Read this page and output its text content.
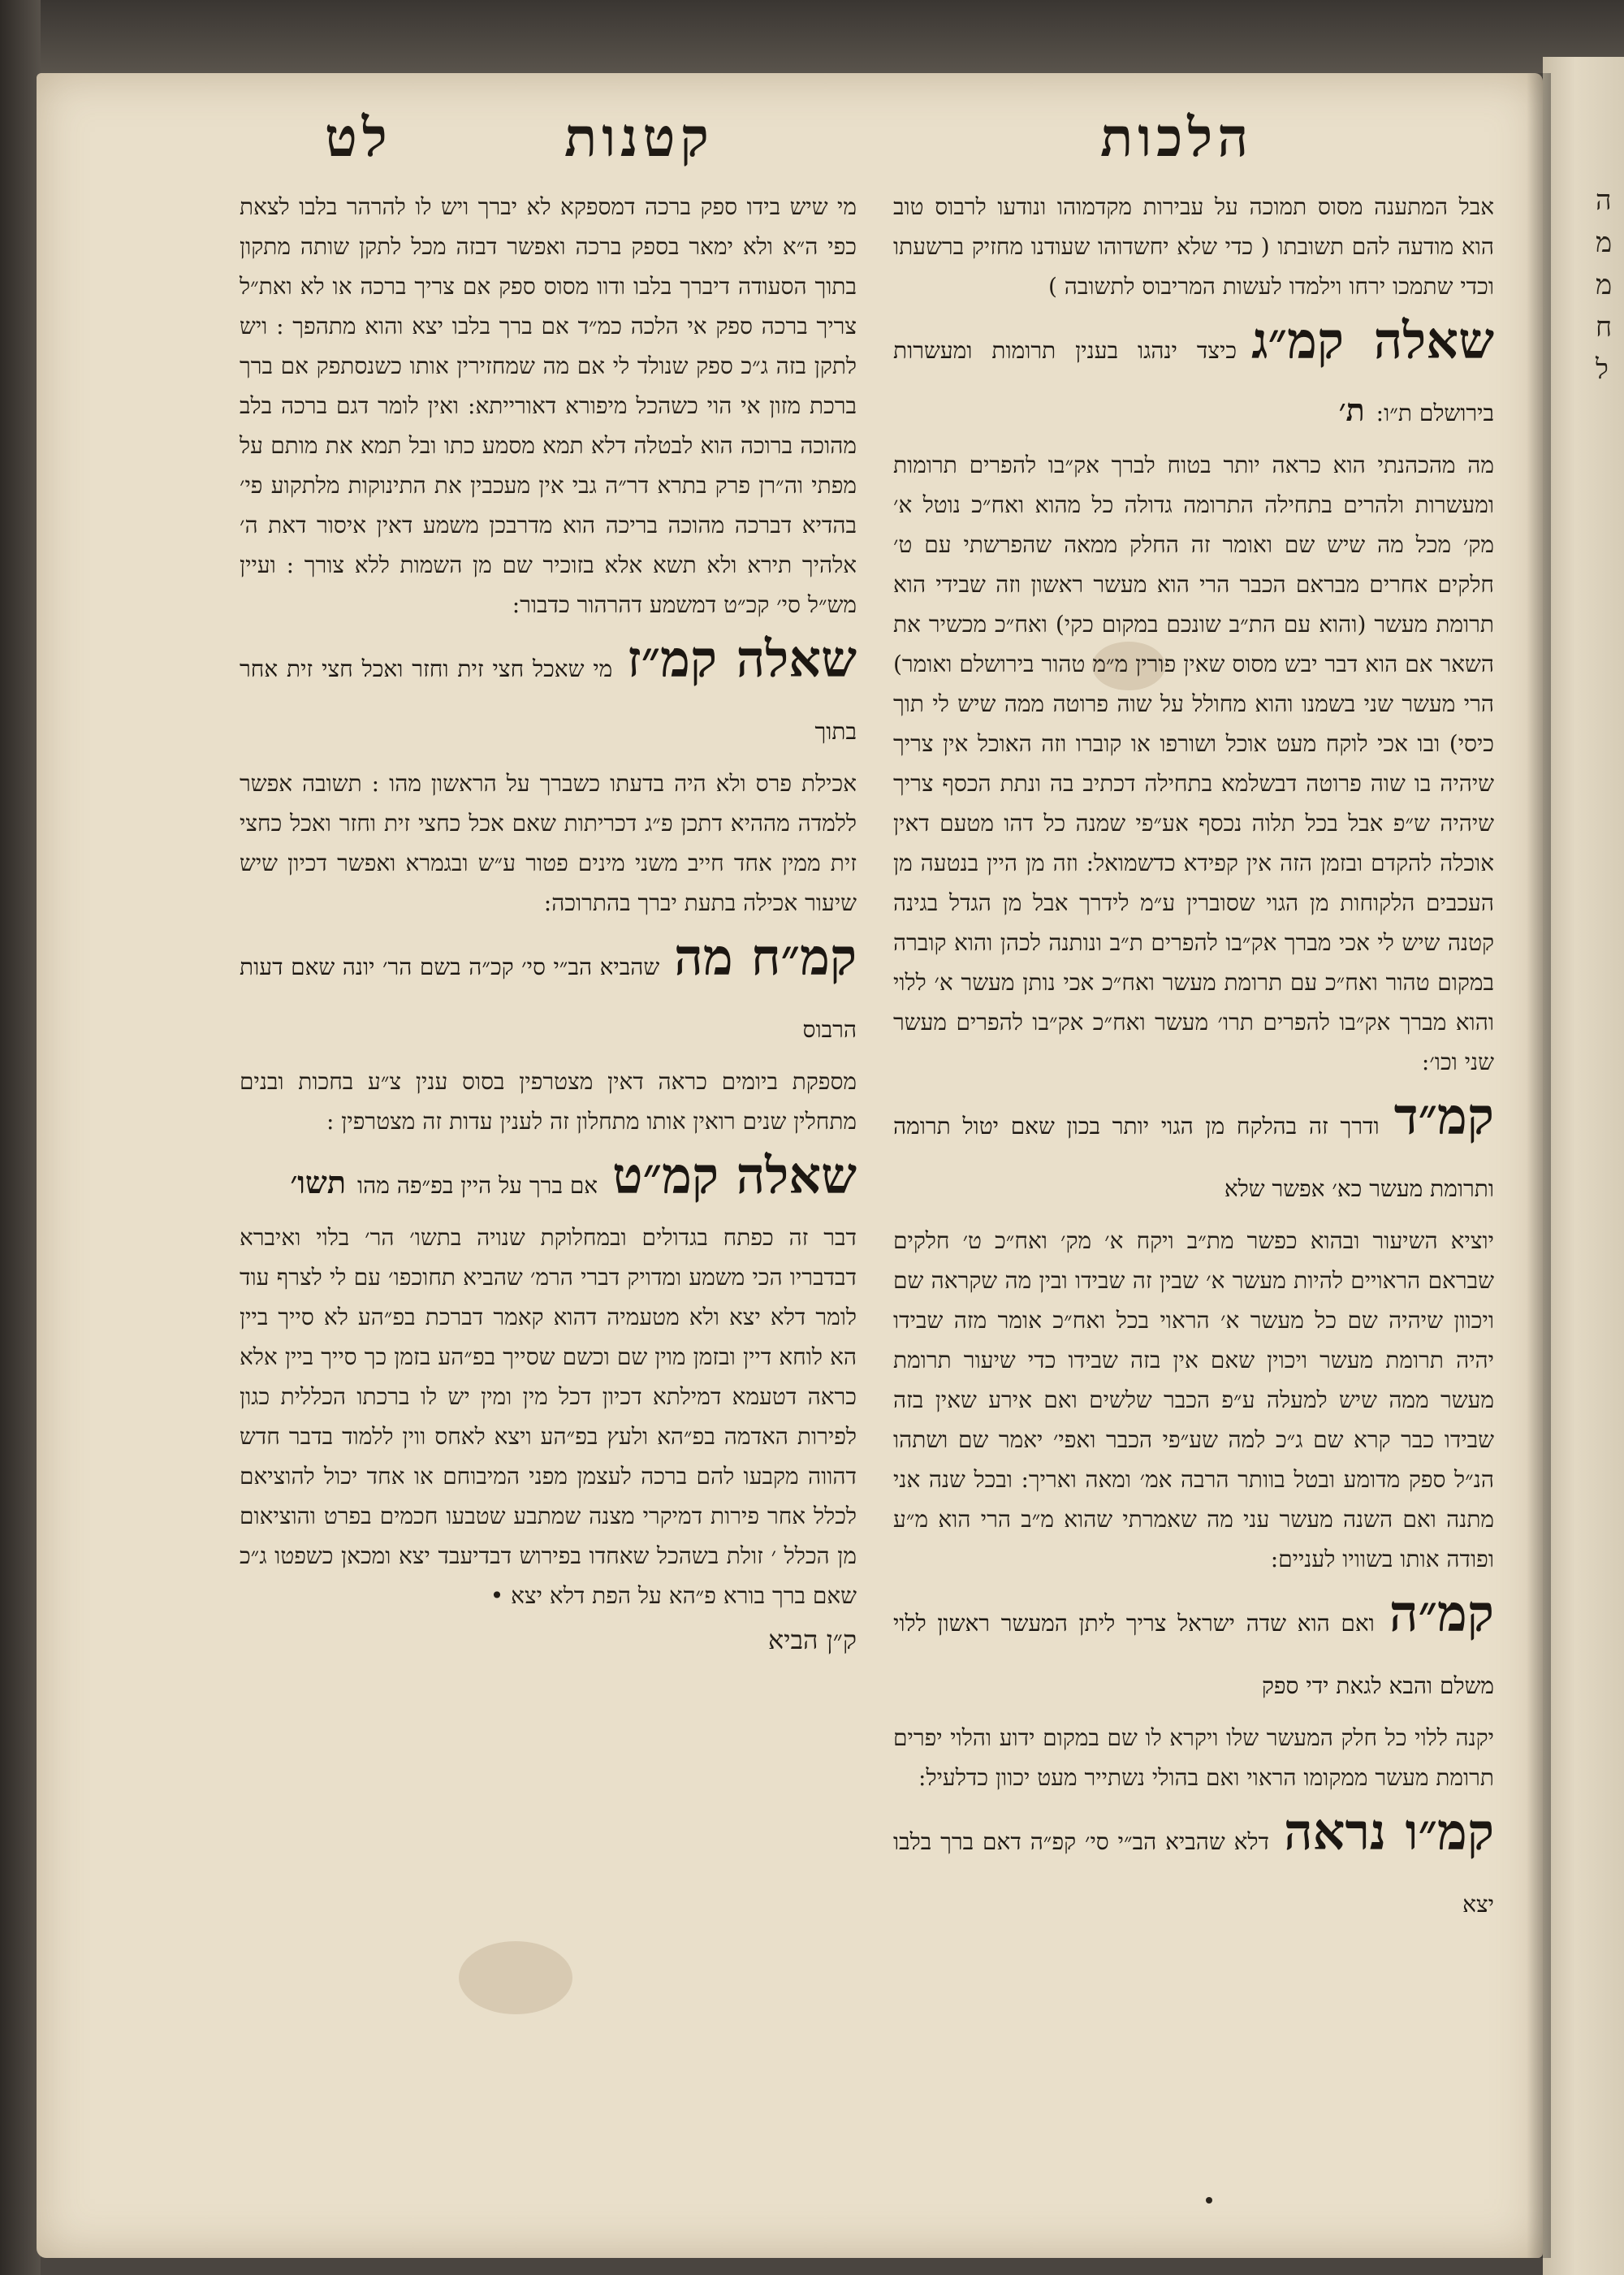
לט	קטנות	הלכות

אבל המתענה מסוס תמוכה על עבירות מקדמוהו ונודעו לרבוס טוב הוא מודעה להם תשובתו ( כדי שלא יחשדוהו שעודנו מחזיק ברשעתו וכדי שתמכו ירחו וילמדו לעשות המריבוס לתשובה )

שאלה קמ״גכיצד ינהגו בענין תרומות ומעשרות בירושלם ת״ו:ת׳

מה מהכהנתי הוא כראה יותר בטוח לברך אק״בו להפרים תרומות ומעשרות ולהרים בתחילה התרומה גדולה כל מהוא ואח״כ נוטל א׳ מק׳ מכל מה שיש שם ואומר זה החלק ממאה שהפרשתי עם ט׳ חלקים אחרים מבראם הכבר הרי הוא מעשר ראשון וזה שבידי הוא תרומת מעשר (והוא עם הת״ב שונכם במקום כקי) ואח״כ מכשיר את השאר אם הוא דבר יבש מסוס שאין פורין מ״מ טהור בירושלם ואומר) הרי מעשר שני בשמנו והוא מחולל על שוה פרוטה ממה שיש לי תוך כיסי) ובו אכי לוקח מעט אוכל ושורפו או קוברו וזה האוכל אין צריך שיהיה בו שוה פרוטה דבשלמא בתחילה דכתיב בה ונתת הכסף צריך שיהיה ש״פ אבל בכל תלוה נכסף אע״פי שמנה כל דהו מטעם דאין אוכלה להקדם ובזמן הזה אין קפידא כדשמואל: וזה מן היין בנטעה מן העכבים הלקוחות מן הגוי שסוברין ע״מ לידרך אבל מן הגדל בגינה קטנה שיש לי אכי מברך אק״בו להפרים ת״ב ונותנה לכהן והוא קוברה במקום טהור ואח״כ עם תרומת מעשר ואח״כ אכי נותן מעשר א׳ ללוי והוא מברך אק״בו להפרים תרו׳ מעשר ואח״כ אק״בו להפרים מעשר שני וכו׳:

קמ״דודרך זה בהלקח מן הגוי יותר בכון שאם יטול תרומה ותרומת מעשר כא׳ אפשר שלא

יוציא השיעור ובהוא כפשר מת״ב ויקח א׳ מק׳ ואח״כ ט׳ חלקים שבראם הראויים להיות מעשר א׳ שבין זה שבידו ובין מה שקראה שם ויכוון שיהיה שם כל מעשר א׳ הראוי בכל ואח״כ אומר מזה שבידו יהיה תרומת מעשר ויכוין שאם אין בזה שבידו כדי שיעור תרומת מעשר ממה שיש למעלה ע״פ הכבר שלשים ואם אירע שאין בזה שבידו כבר קרא שם ג״כ למה שע״פי הכבר ואפי׳ יאמר שם ושתהו הנ״ל ספק מדומע ובטל בוותר הרבה אמ׳ ומאה ואריך: ובכל שנה אני מתנה ואם השנה מעשר עני מה שאמרתי שהוא מ״ב הרי הוא מ״ע ופודה אותו בשוויו לעניים:

קמ״הואם הוא שדה ישראל צריך ליתן המעשר ראשון ללוי משלם והבא לגאת ידי ספק

יקנה ללוי כל חלק המעשר שלו ויקרא לו שם במקום ידוע והלוי יפרים תרומת מעשר ממקומו הראוי ואם בהולי נשתייר מעט יכוון כדלעיל:

קמ״ו נראהדלא שהביא הב״י סי׳ קפ״ה דאם ברך בלבו יצא

מי שיש בידו ספק ברכה דמספקא לא יברך ויש לו להרהר בלבו לצאת כפי ה״א ולא ימאר בספק ברכה ואפשר דבזה מכל לתקן שותה מתקון בתוך הסעודה דיברך בלבו ודוו מסוס ספק אם צריך ברכה או לא ואת״ל צריך ברכה ספק אי הלכה כמ״ד אם ברך בלבו יצא והוא מתהפך : ויש לתקן בזה ג״כ ספק שנולד לי אם מה שמחזירין אותו כשנסתפק אם ברך ברכת מזון אי הוי כשהכל מיפורא דאורייתא: ואין לומר דגם ברכה בלב מהוכה ברוכה הוא לבטלה דלא תמא מסמע כתו ובל תמא את מותם על מפתי וה״רן פרק בתרא דר״ה גבי אין מעכבין את התינוקות מלתקוע פי׳ בהדיא דברכה מהוכה בריכה הוא מדרבכן משמע דאין איסור דאת ה׳ אלהיך תירא ולא תשא אלא בזוכיר שם מן השמות ללא צורך : ועיין מש״ל סי׳ קכ״ט דמשמע דהרהור כדבור:

שאלה קמ״זמי שאכל חצי זית וחזר ואכל חצי זית אחר בתוך

אכילת פרס ולא היה בדעתו כשברך על הראשון מהו : תשובה אפשר ללמדה מההיא דתכן פ״ג דכריתות שאם אכל כחצי זית וחזר ואכל כחצי זית ממין אחד חייב משני מינים פטור ע״ש ובגמרא ואפשר דכיון שיש שיעור אכילה בתעת יברך בהתרוכה:

קמ״ח מהשהביא הב״י סי׳ קכ״ה בשם הר׳ יונה שאם דעות הרבוס

מספקת ביומים כראה דאין מצטרפין בסוס ענין צ״ע בחכות ובנים מתחלין שנים רואין אותו מתחלון זה לענין עדות זה מצטרפין :

שאלה קמ״טאם ברך על היין בפ״פה מהותשו׳

דבר זה כפתח בגדולים ובמחלוקת שנויה בתשו׳ הר׳ בלוי ואיברא דבדבריו הכי משמע ומדויק דברי הרמ׳ שהביא תחוכפו׳ עם לי לצרף עוד לומר דלא יצא ולא מטעמיה דהוא קאמר דברכת בפ״הע לא סייך ביין הא לוחא דיין ובזמן מוין שם וכשם שסייך בפ״הע בזמן כך סייך ביין אלא כראה דטעמא דמילתא דכיון דכל מין ומין יש לו ברכתו הכללית כגון לפירות האדמה בפ״הא ולעץ בפ״הע ויצא לאחס ווין ללמוד בדבר חדש דהווה מקבעו להם ברכה לעצמן מפני המיבוחם או אחד יכול להוציאם לכלל אחר פירות דמיקרי מצנה שמתבע שטבעו חכמים בפרט והוציאום מן הכלל ׳ זולת בשהכל שאחדו בפירוש דבדיעבד יצא ומכאן כשפטו ג״כ שאם ברך בורא פ״הא על הפת דלא יצא •

ק״ן הביא

ה
מ
מ
ח
ל
